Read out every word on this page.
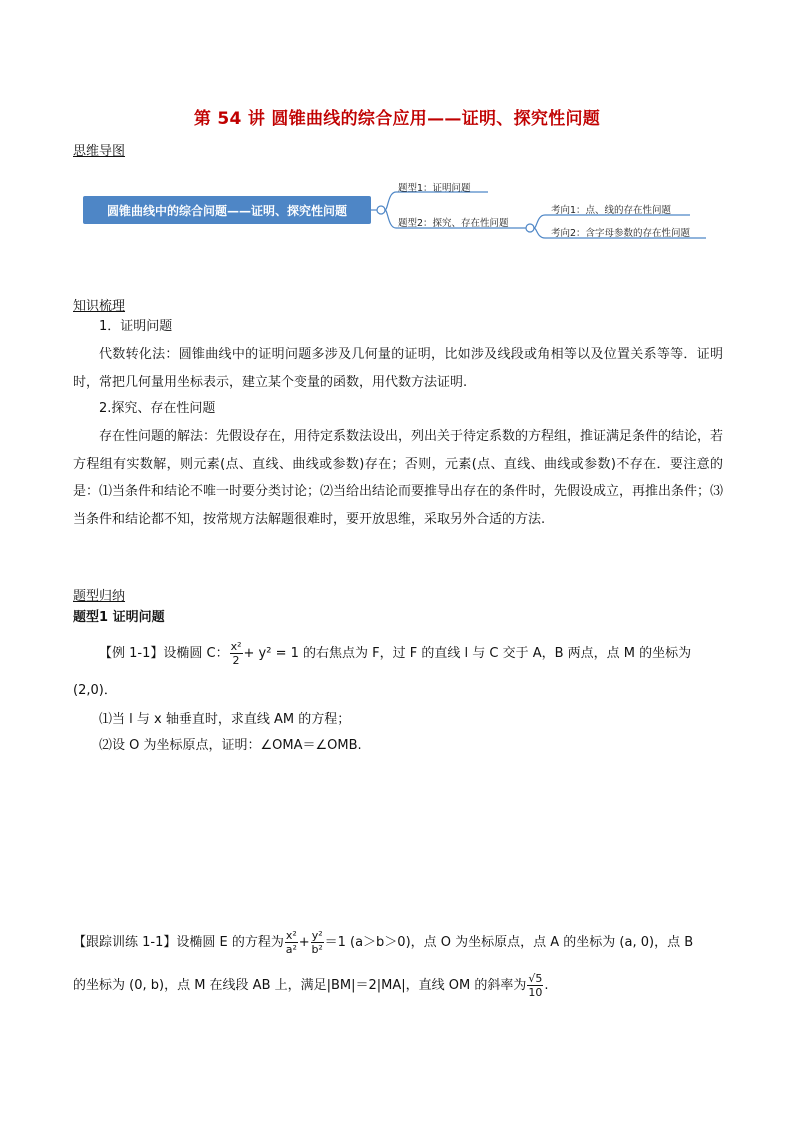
第 54 讲 圆锥曲线的综合应用——证明、探究性问题
思维导图
圆锥曲线中的综合问题——证明、探究性问题
题型1：证明问题
题型2：探究、存在性问题
考向1：点、线的存在性问题
考向2：含字母参数的存在性问题
知识梳理
1．证明问题
代数转化法：圆锥曲线中的证明问题多涉及几何量的证明，比如涉及线段或角相等以及位置关系等等．证明时，常把几何量用坐标表示，建立某个变量的函数，用代数方法证明.
2.探究、存在性问题
存在性问题的解法：先假设存在，用待定系数法设出，列出关于待定系数的方程组，推证满足条件的结论，若方程组有实数解，则元素(点、直线、曲线或参数)存在；否则，元素(点、直线、曲线或参数)不存在．要注意的是：⑴当条件和结论不唯一时要分类讨论；⑵当给出结论而要推导出存在的条件时，先假设成立，再推出条件；⑶当条件和结论都不知，按常规方法解题很难时，要开放思维，采取另外合适的方法.
题型归纳
题型1 证明问题
【例 1-1】设椭圆 C： $\frac{\text{x²}}{2} + y^2 = 1$ 的右焦点为 F，过 F 的直线 l 与 C 交于 A，B 两点，点 M 的坐标为
(2,0)．
⑴当 l 与 x 轴垂直时，求直线 AM 的方程；
⑵设 O 为坐标原点，证明：∠OMA＝∠OMB.
【跟踪训练 1-1】设椭圆 E 的方程为 $\frac{\text{x²}}{\text{a²}} + \frac{\text{y²}}{\text{b²}} =1$ (a＞b＞0)，点 O 为坐标原点，点 A 的坐标为 (a, 0)，点 B
的坐标为 (0, b)，点 M 在线段 AB 上，满足|BM|＝2|MA|，直线 OM 的斜率为 $\frac{√5}{10}$ .
